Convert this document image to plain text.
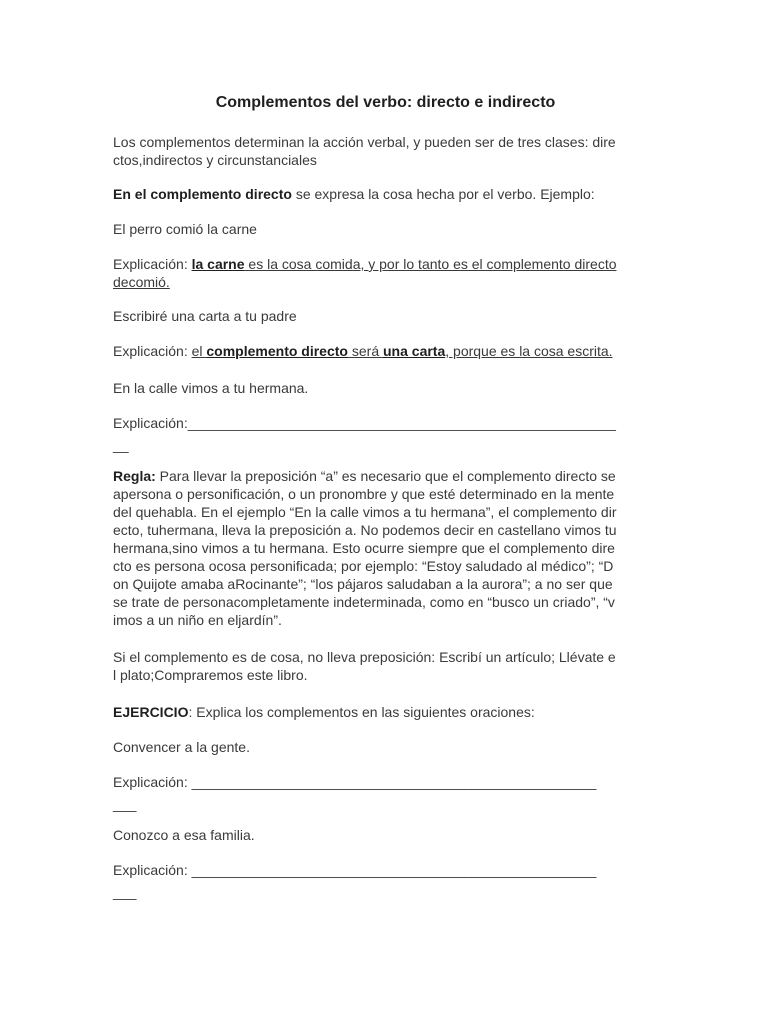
Complementos del verbo: directo e indirecto

Los complementos determinan la acción verbal, y pueden ser de tres clases: dire
ctos,indirectos y circunstanciales

En el complemento directo se expresa la cosa hecha por el verbo. Ejemplo:

El perro comió la carne

Explicación: la carne es la cosa comida, y por lo tanto es el complemento directo
decomió.

Escribiré una carta a tu padre

Explicación: el complemento directo será una carta, porque es la cosa escrita.

En la calle vimos a tu hermana.

Explicación:_______________________________________________________
__

Regla: Para llevar la preposición “a” es necesario que el complemento directo se
apersona o personificación, o un pronombre y que esté determinado en la mente
del quehabla. En el ejemplo “En la calle vimos a tu hermana”, el complemento dir
ecto, tuhermana, lleva la preposición a. No podemos decir en castellano vimos tu
hermana,sino vimos a tu hermana. Esto ocurre siempre que el complemento dire
cto es persona ocosa personificada; por ejemplo: “Estoy saludado al médico”; “D
on Quijote amaba aRocinante”; “los pájaros saludaban a la aurora”; a no ser que
se trate de personacompletamente indeterminada, como en “busco un criado”, “v
imos a un niño en eljardín”.

Si el complemento es de cosa, no lleva preposición: Escribí un artículo; Llévate e
l plato;Compraremos este libro.

EJERCICIO: Explica los complementos en las siguientes oraciones:

Convencer a la gente.

Explicación: ____________________________________________________
___

Conozco a esa familia.

Explicación: ____________________________________________________
___
